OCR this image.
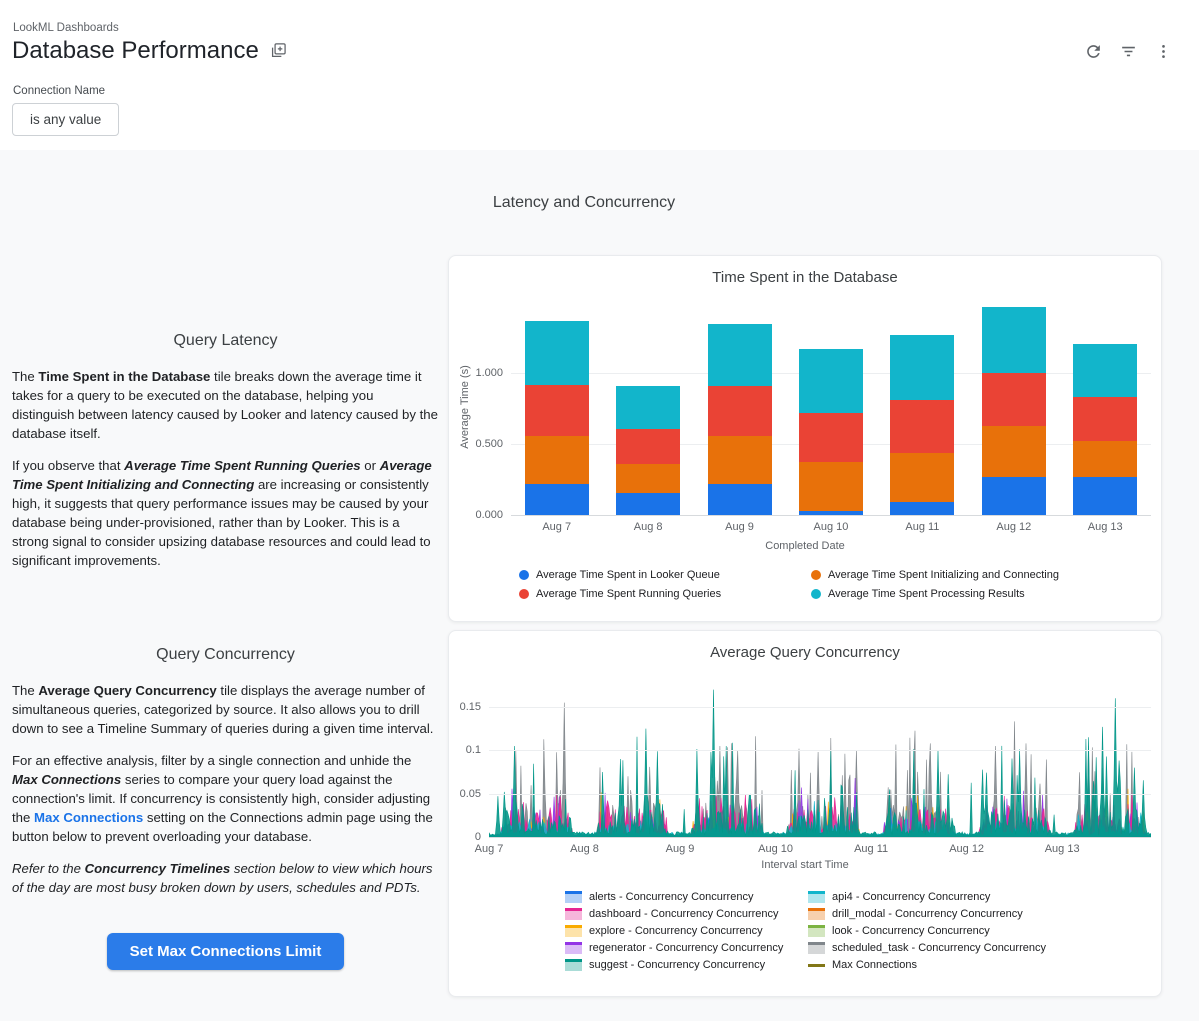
LookML Dashboards
Database Performance
Connection Name
is any value
Latency and Concurrency
Query Latency

The Time Spent in the Database tile breaks down the average time it takes for a query to be executed on the database, helping you distinguish between latency caused by Looker and latency caused by the database itself.

If you observe that Average Time Spent Running Queries or Average Time Spent Initializing and Connecting are increasing or consistently high, it suggests that query performance issues may be caused by your database being under-provisioned, rather than by Looker. This is a strong signal to consider upsizing database resources and could lead to significant improvements.

Query Concurrency

The Average Query Concurrency tile displays the average number of simultaneous queries, categorized by source. It also allows you to drill down to see a Timeline Summary of queries during a given time interval.

For an effective analysis, filter by a single connection and unhide the Max Connections series to compare your query load against the connection's limit. If concurrency is consistently high, consider adjusting the Max Connections setting on the Connections admin page using the button below to prevent overloading your database.

Refer to the Concurrency Timelines section below to view which hours of the day are most busy broken down by users, schedules and PDTs.

Set Max Connections Limit
Time Spent in the Database
Average Time (s)
0.000
0.500
1.000
Aug 7	Aug 8	Aug 9	Aug 10	Aug 11	Aug 12	Aug 13
Completed Date
Average Time Spent in Looker Queue	Average Time Spent Initializing and Connecting
Average Time Spent Running Queries	Average Time Spent Processing Results
Average Query Concurrency
0
0.05
0.1
0.15
Aug 7	Aug 8	Aug 9	Aug 10	Aug 11	Aug 12	Aug 13
Interval start Time
alerts - Concurrency Concurrency	api4 - Concurrency Concurrency
dashboard - Concurrency Concurrency	drill_modal - Concurrency Concurrency
explore - Concurrency Concurrency	look - Concurrency Concurrency
regenerator - Concurrency Concurrency	scheduled_task - Concurrency Concurrency
suggest - Concurrency Concurrency	Max Connections
